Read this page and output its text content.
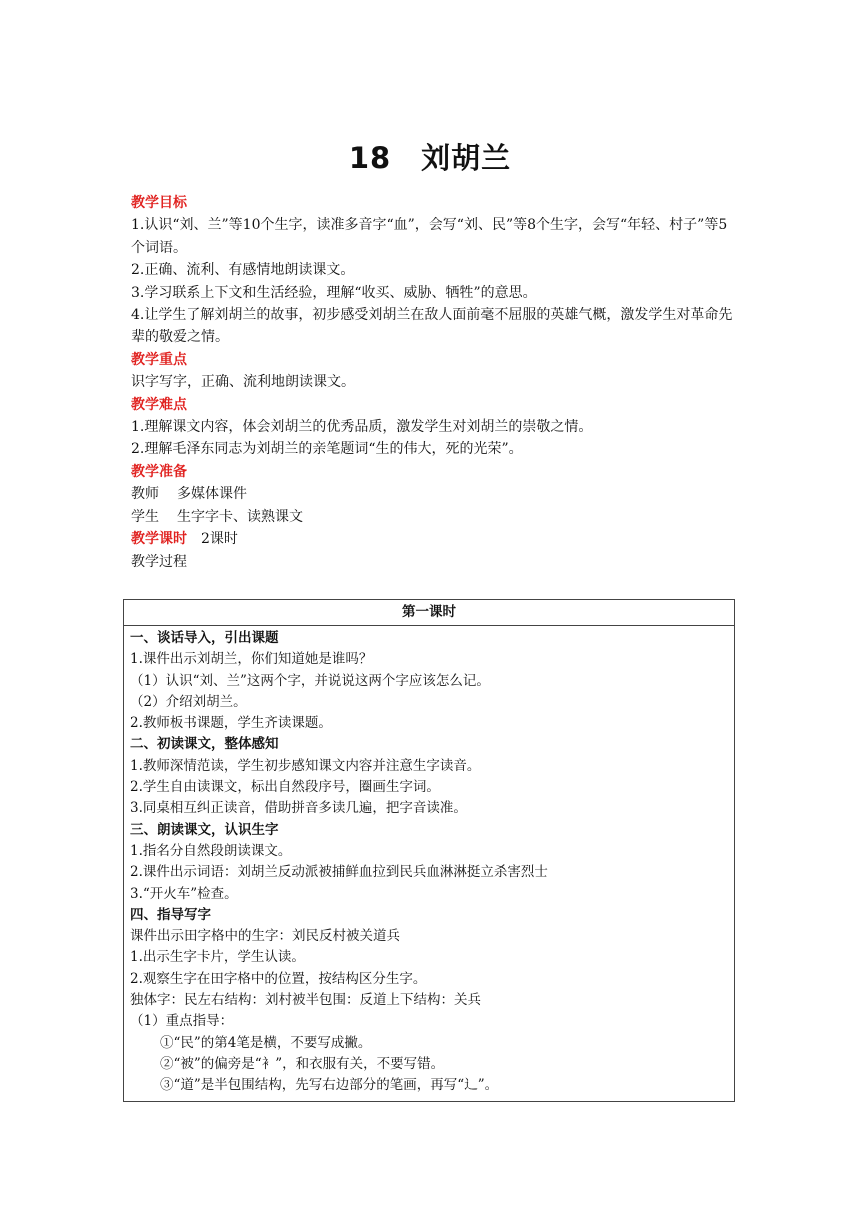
18　刘胡兰
教学目标
1.认识“刘、兰”等10个生字，读准多音字“血”，会写“刘、民”等8个生字，会写“年轻、村子”等5个词语。
2.正确、流利、有感情地朗读课文。
3.学习联系上下文和生活经验，理解“收买、威胁、牺牲”的意思。
4.让学生了解刘胡兰的故事，初步感受刘胡兰在敌人面前毫不屈服的英雄气概，激发学生对革命先辈的敬爱之情。
教学重点
识字写字，正确、流利地朗读课文。
教学难点
1.理解课文内容，体会刘胡兰的优秀品质，激发学生对刘胡兰的崇敬之情。
2.理解毛泽东同志为刘胡兰的亲笔题词“生的伟大，死的光荣”。
教学准备
教师 多媒体课件
学生 生字字卡、读熟课文
教学课时 2课时
教学过程
第一课时
一、谈话导入，引出课题
1.课件出示刘胡兰，你们知道她是谁吗？
（1）认识“刘、兰”这两个字，并说说这两个字应该怎么记。
（2）介绍刘胡兰。
2.教师板书课题，学生齐读课题。
二、初读课文，整体感知
1.教师深情范读，学生初步感知课文内容并注意生字读音。
2.学生自由读课文，标出自然段序号，圈画生字词。
3.同桌相互纠正读音，借助拼音多读几遍，把字音读准。
三、朗读课文，认识生字
1.指名分自然段朗读课文。
2.课件出示词语：刘胡兰反动派被捕鲜血拉到民兵血淋淋挺立杀害烈士
3.“开火车”检查。
四、指导写字
课件出示田字格中的生字：刘民反村被关道兵
1.出示生字卡片，学生认读。
2.观察生字在田字格中的位置，按结构区分生字。
独体字：民左右结构：刘村被半包围：反道上下结构：关兵
（1）重点指导：
①“民”的第4笔是横，不要写成撇。
②“被”的偏旁是“衤”，和衣服有关，不要写错。
③“道”是半包围结构，先写右边部分的笔画，再写“辶”。
